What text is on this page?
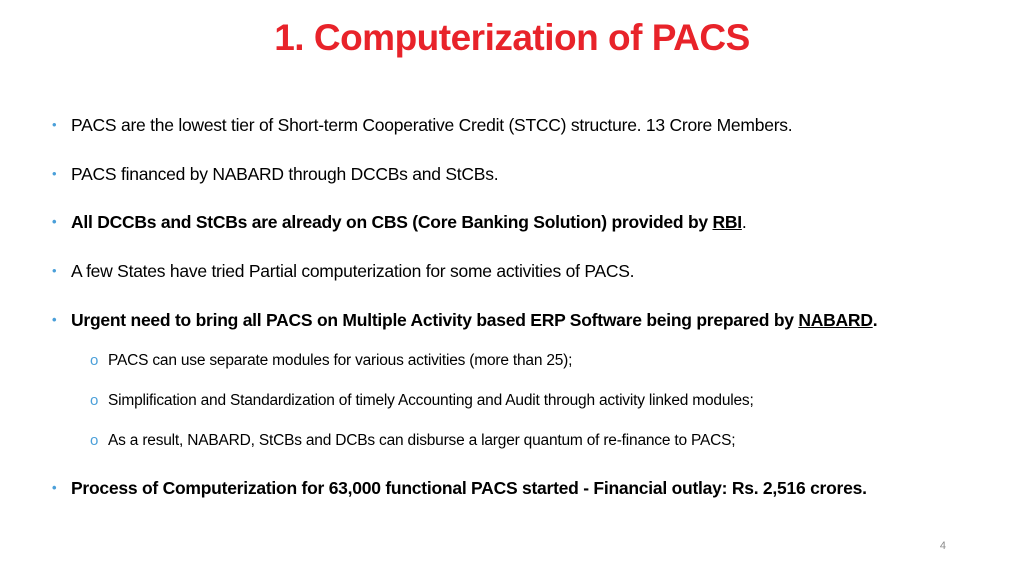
1. Computerization of PACS
• PACS are the lowest tier of Short-term Cooperative Credit (STCC) structure. 13 Crore Members.
• PACS financed by NABARD through DCCBs and StCBs.
• All DCCBs and StCBs are already on CBS (Core Banking Solution) provided by RBI.
• A few States have tried Partial computerization for some activities of PACS.
• Urgent need to bring all PACS on Multiple Activity based ERP Software being prepared by NABARD.
o PACS can use separate modules for various activities (more than 25);
o Simplification and Standardization of timely Accounting and Audit through activity linked modules;
o As a result, NABARD, StCBs and DCBs can disburse a larger quantum of re-finance to PACS;
• Process of Computerization for 63,000 functional PACS started - Financial outlay: Rs. 2,516 crores.
4
